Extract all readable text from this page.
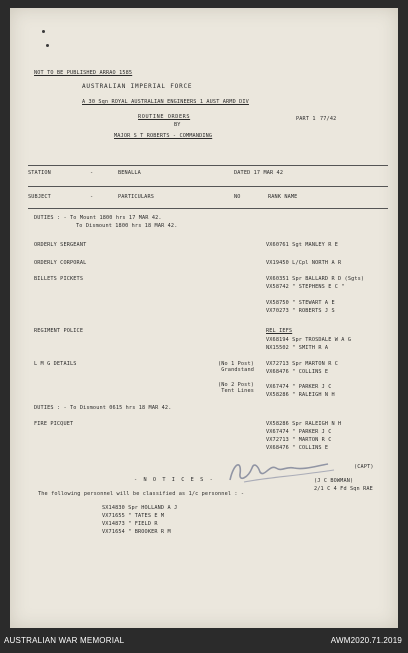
NOT TO BE PUBLISHED ARRAO 1585
AUSTRALIAN IMPERIAL FORCE
A 30 Sqn ROYAL AUSTRALIAN ENGINEERS 1 AUST ARMD DIV
ROUTINE ORDERS
BY
PART 1 77/42
MAJOR S T ROBERTS - COMMANDING
STATION	-	BENALLA	DATED 17 MAR 42
SUBJECT	-	PARTICULARS	NO	RANK NAME
DUTIES : - To Mount 1800 hrs 17 MAR 42.
To Dismount 1800 hrs 18 MAR 42.
ORDERLY SERGEANT	VX60761 Sgt MANLEY R E
ORDERLY CORPORAL	VX19450 L/Cpl NORTH A R
BILLETS PICKETS	VX60351 Spr BALLARD R D (Sgts)
VX58742 " STEPHENS E C "
VX58750 " STEWART A E
VX70273 " ROBERTS J S
REGIMENT POLICE	REL IEFS
VX68194 Spr TROSDALE W A G
NX15502 " SMITH R A
L M G DETAILS	(No 1 Post) Grandstand
VX72713 Spr MARTON R C
VX68476 " COLLINS E
(No 2 Post) Tent Lines
VX67474 " PARKER J C
VX58286 " RALEIGH N H
DUTIES : - To Dismount 0615 hrs 18 MAR 42.
FIRE PICQUET	VX58286 Spr RALEIGH N H
VX67474 " PARKER J C
VX72713 " MARTON R C
VX68476 " COLLINS E
- N O T I C E S -
(CAPT)
(J C BOWMAN)
2/1 C 4 Fd Sqn RAE
The following personnel will be classified as 1/c personnel : -
SX14830 Spr HOLLAND A J
VX71655 " TATES E M
VX14873 " FIELD R
VX71654 " BROOKER R M
AUSTRALIAN WAR MEMORIAL	AWM2020.71.2019
